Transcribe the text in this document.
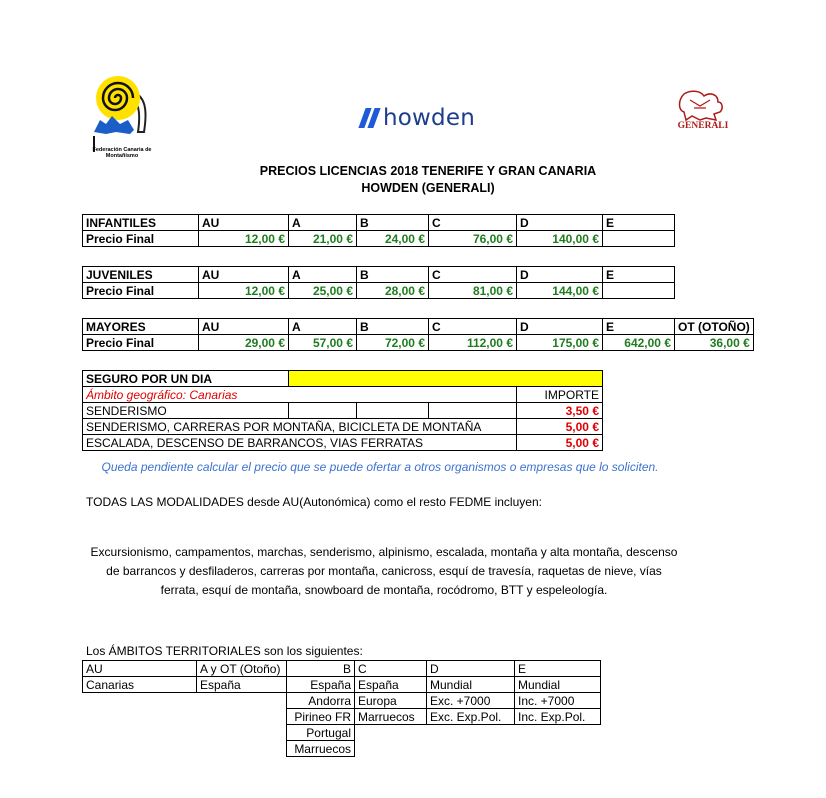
Federación Canaria de Montañismo
howden	GENERALI
PRECIOS LICENCIAS 2018 TENERIFE Y GRAN CANARIA
HOWDEN (GENERALI)
INFANTILES	AU	A	B	C	D	E
Precio Final	12,00 €	21,00 €	24,00 €	76,00 €	140,00 €	
JUVENILES	AU	A	B	C	D	E
Precio Final	12,00 €	25,00 €	28,00 €	81,00 €	144,00 €	
MAYORES	AU	A	B	C	D	E	OT (OTOÑO)
Precio Final	29,00 €	57,00 €	72,00 €	112,00 €	175,00 €	642,00 €	36,00 €
SEGURO POR UN DIA				
Ámbito geográfico: Canarias				IMPORTE
SENDERISMO				3,50 €
SENDERISMO, CARRERAS POR MONTAÑA, BICICLETA DE MONTAÑA				5,00 €
ESCALADA, DESCENSO DE BARRANCOS, VIAS FERRATAS				5,00 €
Queda pendiente calcular el precio que se puede ofertar a otros organismos o empresas que lo soliciten.
TODAS LAS MODALIDADES desde AU(Autonómica) como el resto FEDME incluyen:
Excursionismo, campamentos, marchas, senderismo, alpinismo, escalada, montaña y alta montaña, descenso de barrancos y desfiladeros, carreras por montaña, canicross, esquí de travesía, raquetas de nieve, vías ferrata, esquí de montaña, snowboard de montaña, rocódromo, BTT y espeleología.
Los ÁMBITOS TERRITORIALES son los siguientes:
AU	A y OT (Otoño)	B	C	D	E
Canarias	España	España	España	Mundial	Mundial
		Andorra	Europa	Exc. +7000	Inc. +7000
		Pirineo FR	Marruecos	Exc. Exp.Pol.	Inc. Exp.Pol.
		Portugal			
		Marruecos			
